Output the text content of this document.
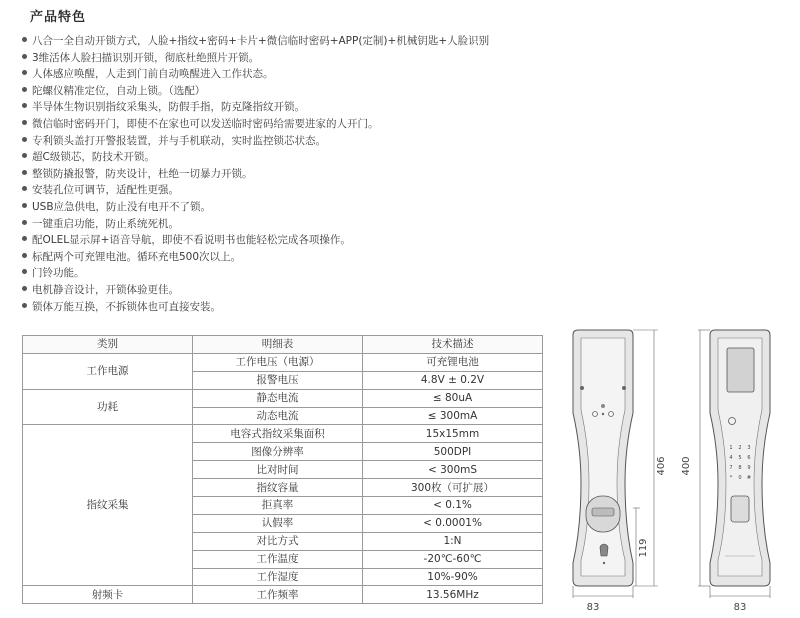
产品特色
八合一全自动开锁方式，人脸+指纹+密码+卡片+微信临时密码+APP(定制)+机械钥匙+人脸识别
3维活体人脸扫描识别开锁，彻底杜绝照片开锁。
人体感应唤醒，人走到门前自动唤醒进入工作状态。
陀螺仪精准定位，自动上锁。（选配）
半导体生物识别指纹采集头，防假手指，防克隆指纹开锁。
微信临时密码开门，即使不在家也可以发送临时密码给需要进家的人开门。
专利锁头盖打开警报装置，并与手机联动，实时监控锁芯状态。
超C级锁芯，防技术开锁。
整锁防撬报警，防夹设计，杜绝一切暴力开锁。
安装孔位可调节，适配性更强。
USB应急供电，防止没有电开不了锁。
一键重启功能，防止系统死机。
配OLEL显示屏+语音导航，即使不看说明书也能轻松完成各项操作。
标配两个可充锂电池。循环充电500次以上。
门铃功能。
电机静音设计，开锁体验更佳。
锁体万能互换，不拆锁体也可直接安装。
类别	明细表	技术描述
工作电源	工作电压（电源）	可充锂电池
	报警电压	4.8V ± 0.2V
功耗	静态电流	≤ 80uA
	动态电流	≤ 300mA
指纹采集	电容式指纹采集面积	15x15mm
	图像分辨率	500DPI
	比对时间	< 300mS
	指纹容量	300枚（可扩展）
	拒真率	< 0.1%
	认假率	< 0.0001%
	对比方式	1:N
	工作温度	-20℃-60℃
	工作湿度	10%-90%
射频卡	工作频率	13.56MHz
406
119
83
1 2 3
4 5 6
7 8 9
* 0 #
400
83
